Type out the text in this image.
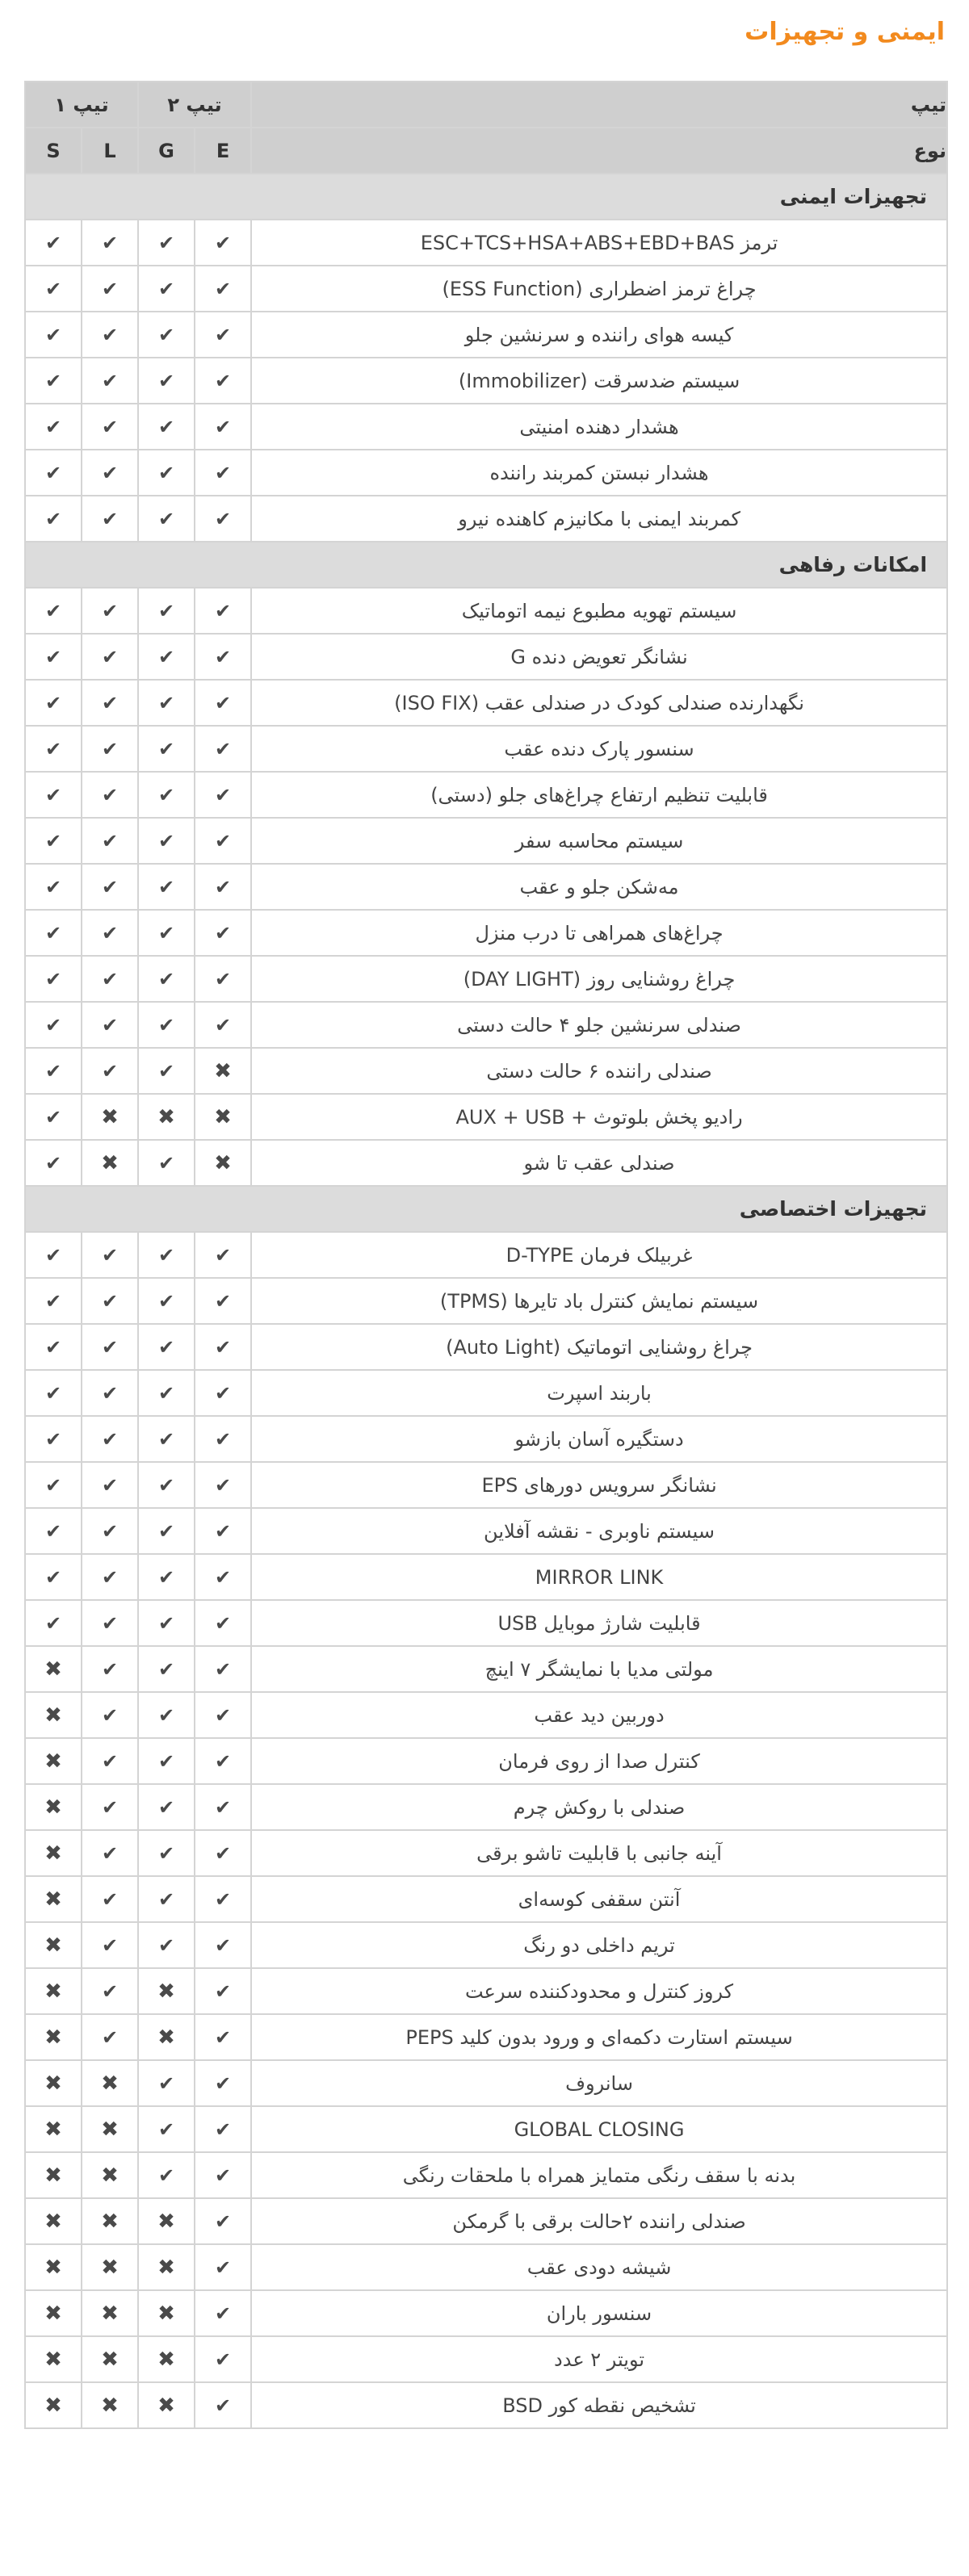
ایمنی و تجهیزات
تیپ	تیپ ۲		تیپ ۱	
نوع	E	G	L	S
تجهیزات ایمنی				
ترمز ESC+TCS+HSA+ABS+EBD+BAS	✔	✔	✔	✔
چراغ ترمز اضطراری (ESS Function)	✔	✔	✔	✔
کیسه هوای راننده و سرنشین جلو	✔	✔	✔	✔
سیستم ضدسرقت (Immobilizer)	✔	✔	✔	✔
هشدار دهنده امنیتی	✔	✔	✔	✔
هشدار نبستن کمربند راننده	✔	✔	✔	✔
کمربند ایمنی با مکانیزم کاهنده نیرو	✔	✔	✔	✔
امکانات رفاهی				
سیستم تهویه مطبوع نیمه اتوماتیک	✔	✔	✔	✔
نشانگر تعویض دنده G	✔	✔	✔	✔
نگهدارنده صندلی کودک در صندلی عقب (ISO FIX)	✔	✔	✔	✔
سنسور پارک دنده عقب	✔	✔	✔	✔
قابلیت تنظیم ارتفاع چراغ‌های جلو (دستی)	✔	✔	✔	✔
سیستم محاسبه سفر	✔	✔	✔	✔
مه‌شکن جلو و عقب	✔	✔	✔	✔
چراغ‌های همراهی تا درب منزل	✔	✔	✔	✔
چراغ روشنایی روز (DAY LIGHT)	✔	✔	✔	✔
صندلی سرنشین جلو ۴ حالت دستی	✔	✔	✔	✔
صندلی راننده ۶ حالت دستی	✖	✔	✔	✔
رادیو پخش بلوتوث + AUX + USB	✖	✖	✖	✔
صندلی عقب تا شو	✖	✔	✖	✔
تجهیزات اختصاصی				
غربیلک فرمان D-TYPE	✔	✔	✔	✔
سیستم نمایش کنترل باد تایرها (TPMS)	✔	✔	✔	✔
چراغ روشنایی اتوماتیک (Auto Light)	✔	✔	✔	✔
باربند اسپرت	✔	✔	✔	✔
دستگیره آسان بازشو	✔	✔	✔	✔
نشانگر سرویس دورهای EPS	✔	✔	✔	✔
سیستم ناوبری - نقشه آفلاین	✔	✔	✔	✔
MIRROR LINK	✔	✔	✔	✔
قابلیت شارژ موبایل USB	✔	✔	✔	✔
مولتی مدیا با نمایشگر ۷ اینچ	✔	✔	✔	✖
دوربین دید عقب	✔	✔	✔	✖
کنترل صدا از روی فرمان	✔	✔	✔	✖
صندلی با روکش چرم	✔	✔	✔	✖
آینه جانبی با قابلیت تاشو برقی	✔	✔	✔	✖
آنتن سقفی کوسه‌ای	✔	✔	✔	✖
تریم داخلی دو رنگ	✔	✔	✔	✖
کروز کنترل و محدودکننده سرعت	✔	✖	✔	✖
سیستم استارت دکمه‌ای و ورود بدون کلید PEPS	✔	✖	✔	✖
سانروف	✔	✔	✖	✖
GLOBAL CLOSING	✔	✔	✖	✖
بدنه با سقف رنگی متمایز همراه با ملحقات رنگی	✔	✔	✖	✖
صندلی راننده ۲حالت برقی با گرمکن	✔	✖	✖	✖
شیشه دودی عقب	✔	✖	✖	✖
سنسور باران	✔	✖	✖	✖
تویتر ۲ عدد	✔	✖	✖	✖
تشخیص نقطه کور BSD	✔	✖	✖	✖
